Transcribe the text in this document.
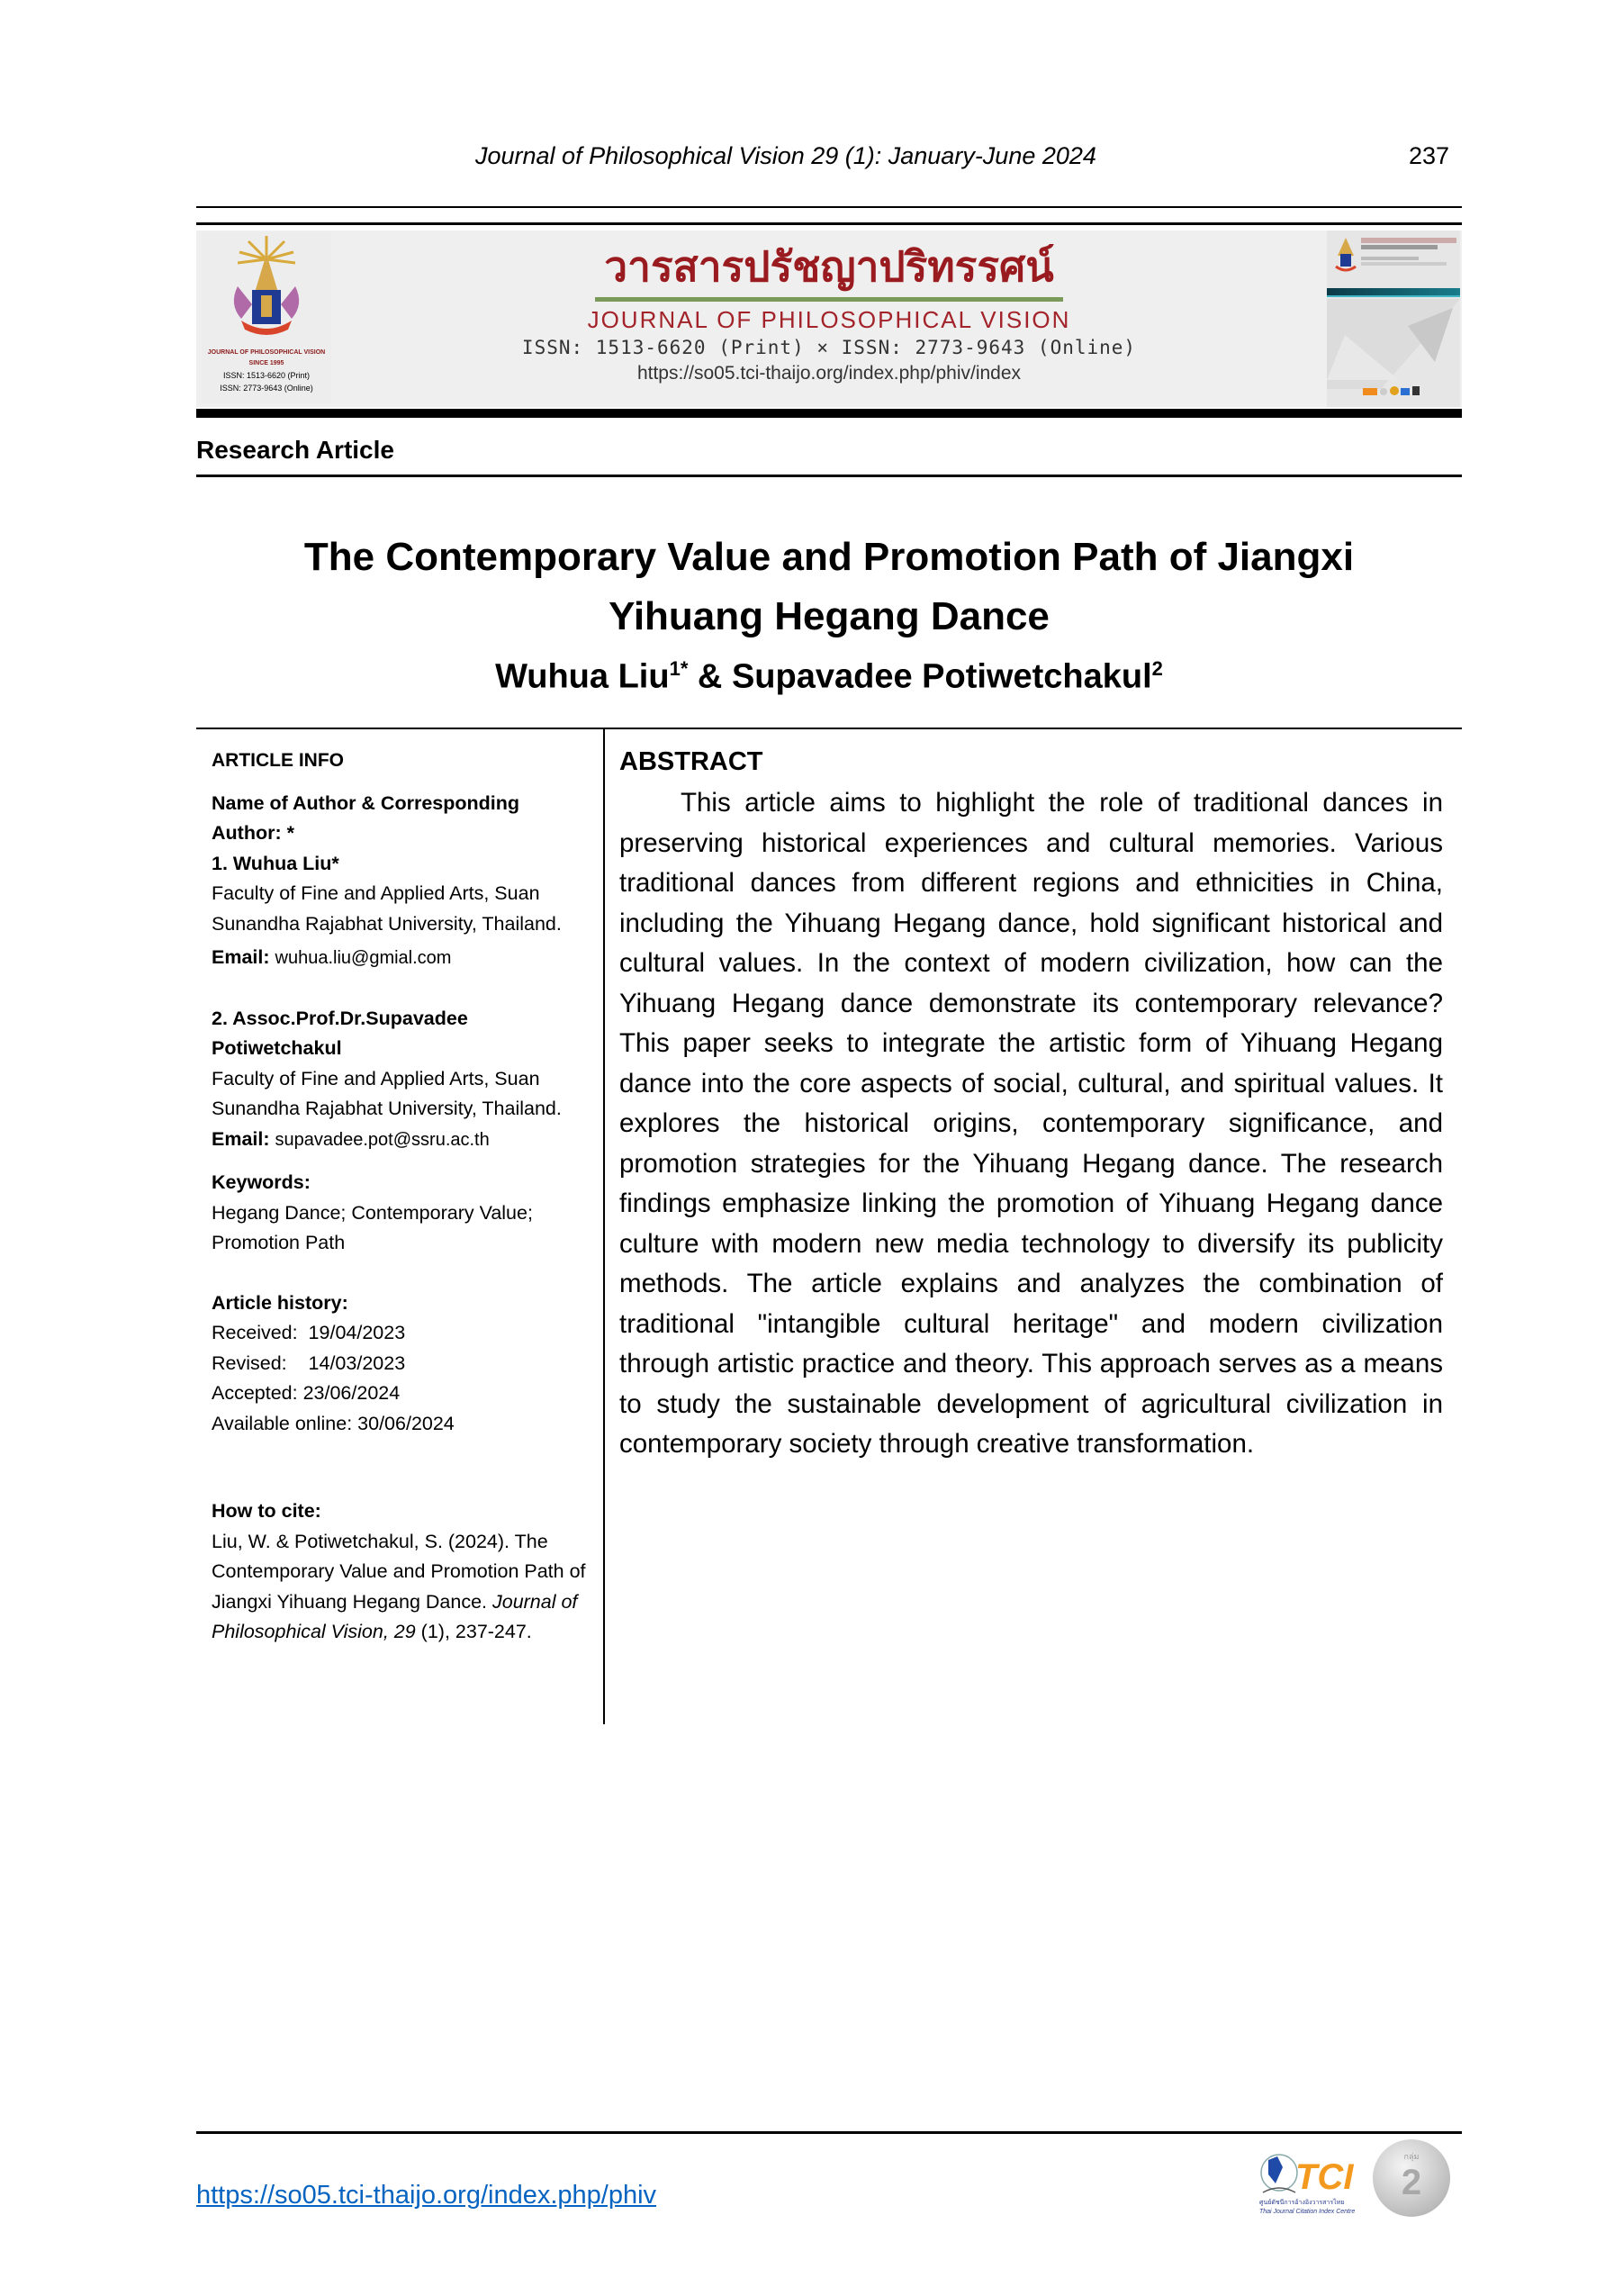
Journal of Philosophical Vision 29 (1): January-June 2024	237
JOURNAL OF PHILOSOPHICAL VISION
SINCE 1995
ISSN: 1513-6620 (Print)
ISSN: 2773-9643 (Online)
วารสารปรัชญาปริทรรศน์
JOURNAL OF PHILOSOPHICAL VISION
ISSN: 1513-6620 (Print) × ISSN: 2773-9643 (Online)
https://so05.tci-thaijo.org/index.php/phiv/index

Research Article
The Contemporary Value and Promotion Path of Jiangxi
Yihuang Hegang Dance
Wuhua Liu$^{1*}$ & Supavadee Potiwetchakul$^2$
ARTICLE INFO
Name of Author & Corresponding Author: *
1. Wuhua Liu*
Faculty of Fine and Applied Arts, Suan Sunandha Rajabhat University, Thailand.
Email: wuhua.liu@gmial.com
2. Assoc.Prof.Dr.Supavadee Potiwetchakul
Faculty of Fine and Applied Arts, Suan Sunandha Rajabhat University, Thailand.
Email: supavadee.pot@ssru.ac.th
Keywords:
Hegang Dance; Contemporary Value; Promotion Path
Article history:
Received:  19/04/2023
Revised:    14/03/2023
Accepted: 23/06/2024
Available online: 30/06/2024
How to cite:
Liu, W. & Potiwetchakul, S. (2024). The Contemporary Value and Promotion Path of Jiangxi Yihuang Hegang Dance. Journal of Philosophical Vision, 29 (1), 237-247.
ABSTRACT

This article aims to highlight the role of traditional dances in preserving historical experiences and cultural memories. Various traditional dances from different regions and ethnicities in China, including the Yihuang Hegang dance, hold significant historical and cultural values. In the context of modern civilization, how can the Yihuang Hegang dance demonstrate its contemporary relevance? This paper seeks to integrate the artistic form of Yihuang Hegang dance into the core aspects of social, cultural, and spiritual values. It explores the historical origins, contemporary significance, and promotion strategies for the Yihuang Hegang dance. The research findings emphasize linking the promotion of Yihuang Hegang dance culture with modern new media technology to diversify its publicity methods. The article explains and analyzes the combination of traditional "intangible cultural heritage" and modern civilization through artistic practice and theory. This approach serves as a means to study the sustainable development of agricultural civilization in contemporary society through creative transformation.

https://so05.tci-thaijo.org/index.php/phiv	TCI
ศูนย์ดัชนีการอ้างอิงวารสารไทย
Thai Journal Citation Index Centre
กลุ่ม
2
